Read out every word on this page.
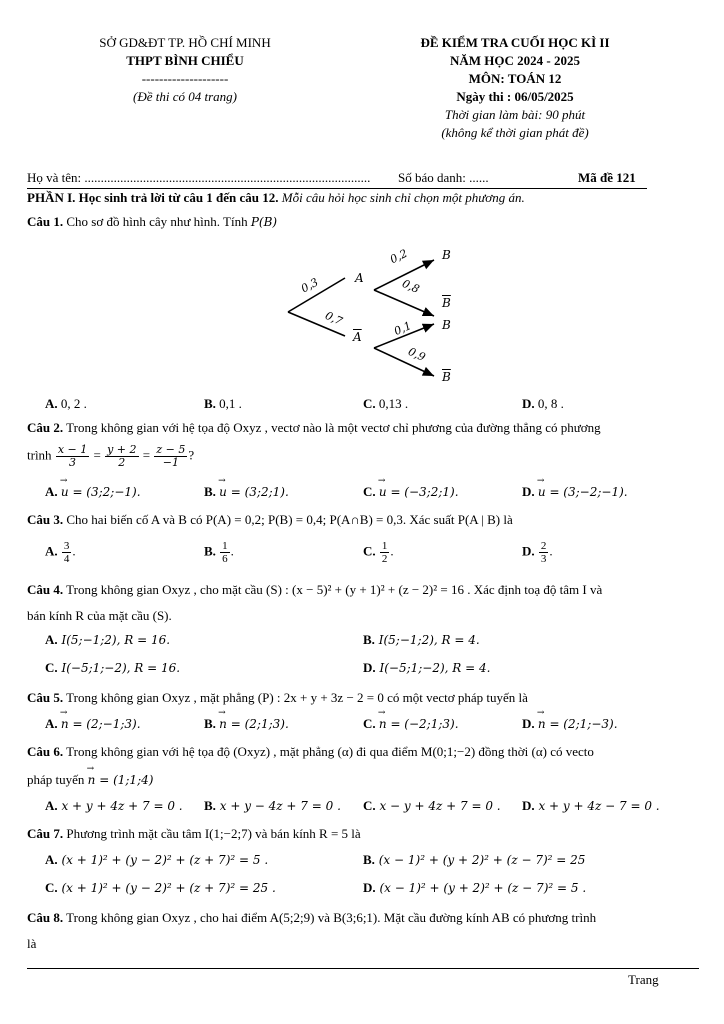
SỞ GD&ĐT TP. HỒ CHÍ MINH
THPT BÌNH CHIỂU
--------------------
(Đề thi có 04 trang)
ĐỀ KIỂM TRA CUỐI HỌC KÌ II
NĂM HỌC 2024 - 2025
MÔN: TOÁN 12
Ngày thi : 06/05/2025
Thời gian làm bài: 90 phút
(không kể thời gian phát đề)
Họ và tên: ........................................................................................ Số báo danh: ......	Mã đề 121
PHẦN I. Học sinh trả lời từ câu 1 đến câu 12. Mỗi câu hỏi học sinh chỉ chọn một phương án.
Câu 1. Cho sơ đồ hình cây như hình. Tính P(B)
0,3
0,7
A
$\overline{A}$
0,2
0,8
0,1
0,9
B
$\overline{B}$
B
$\overline{B}$
A. 0, 2 .	B. 0,1 .	C. 0,13 .	D. 0, 8 .
Câu 2. Trong không gian với hệ tọa độ Oxyz , vectơ nào là một vectơ chỉ phương của đường thẳng có phương
trình $\frac{x - 1}{3} = \frac{y + 2}{2} = \frac{z - 5}{-1}$ ?
A. → u = (3;2;−1).	B. → u = (3;2;1).	C. → u = (−3;2;1).	D. → u = (3;−2;−1).
Câu 3. Cho hai biến cố A và B có P(A) = 0,2; P(B) = 0,4; P(A∩B) = 0,3. Xác suất P(A | B) là
A. $\frac{3}{4}$ .	B. $\frac{1}{6}$ .	C. $\frac{1}{2}$ .	D. $\frac{2}{3}$ .
Câu 4. Trong không gian Oxyz , cho mặt cầu (S) : (x − 5)² + (y + 1)² + (z − 2)² = 16 . Xác định toạ độ tâm I và
bán kính R của mặt cầu (S).
A. I(5;−1;2), R = 16.	B. I(5;−1;2), R = 4.
C. I(−5;1;−2), R = 16.	D. I(−5;1;−2), R = 4.
Câu 5. Trong không gian Oxyz , mặt phẳng (P) : 2x + y + 3z − 2 = 0 có một vectơ pháp tuyến là
A. → n = (2;−1;3).	B. → n = (2;1;3).	C. → n = (−2;1;3).	D. → n = (2;1;−3).
Câu 6. Trong không gian với hệ tọa độ (Oxyz) , mặt phẳng (α) đi qua điểm M(0;1;−2) đồng thời (α) có vecto
pháp tuyến → n = (1;1;4)
A. x + y + 4z + 7 = 0 . B. x + y − 4z + 7 = 0 . C. x − y + 4z + 7 = 0 . D. x + y + 4z − 7 = 0 .
Câu 7. Phương trình mặt cầu tâm I(1;−2;7) và bán kính R = 5 là
A. (x + 1)² + (y − 2)² + (z + 7)² = 5 .	B. (x − 1)² + (y + 2)² + (z − 7)² = 25
C. (x + 1)² + (y − 2)² + (z + 7)² = 25 .	D. (x − 1)² + (y + 2)² + (z − 7)² = 5 .
Câu 8. Trong không gian Oxyz , cho hai điểm A(5;2;9) và B(3;6;1). Mặt cầu đường kính AB có phương trình
là
Trang
